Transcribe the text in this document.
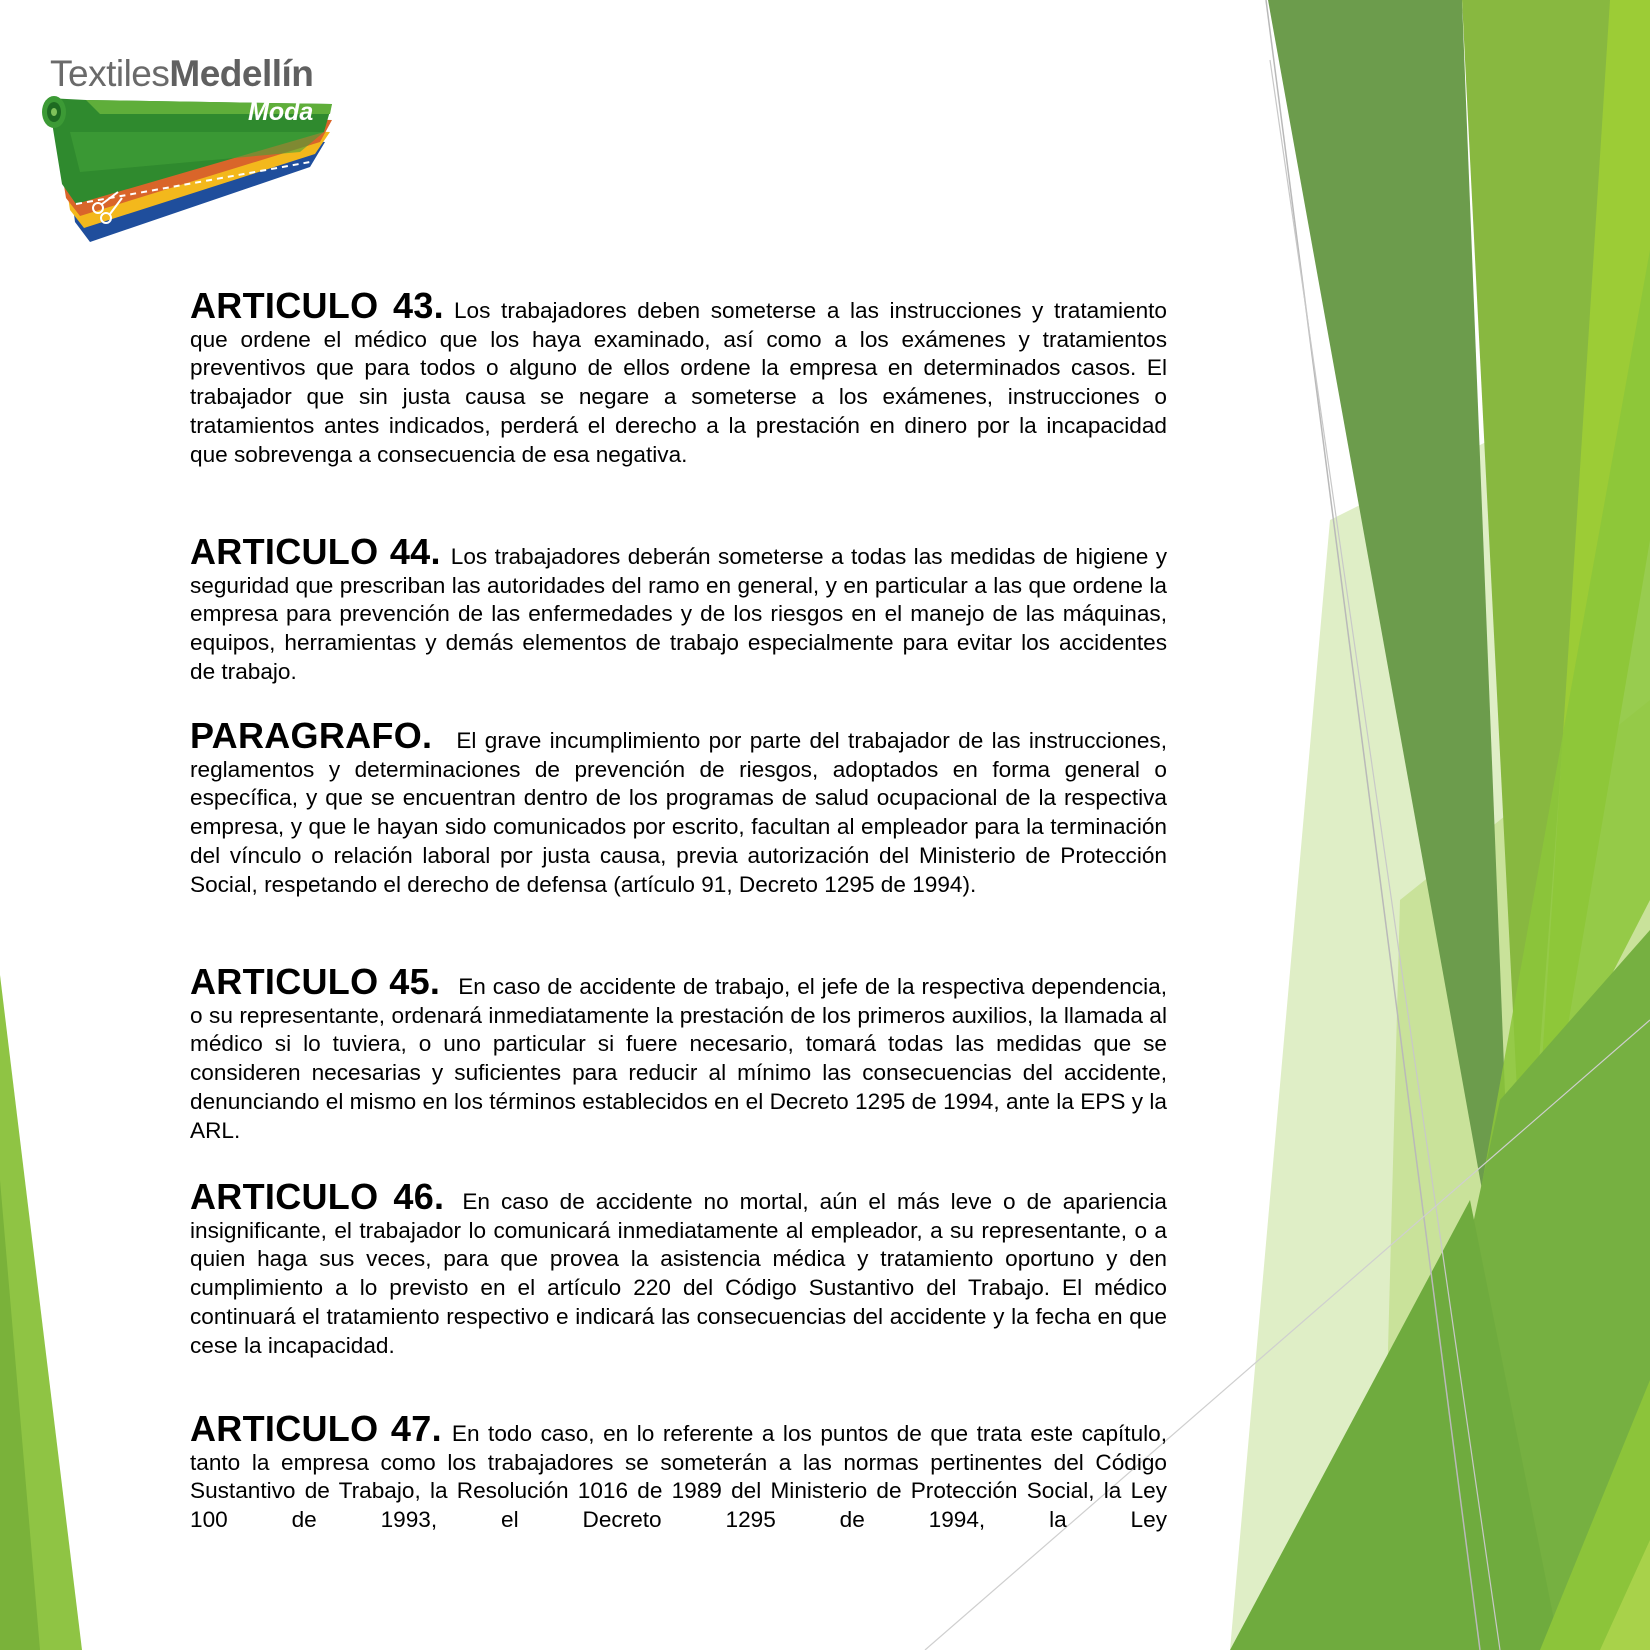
TextilesMedellín
Moda

ARTICULO 43. Los trabajadores deben someterse a las instrucciones y tratamiento que ordene el médico que los haya examinado, así como a los exámenes y tratamientos preventivos que para todos o alguno de ellos ordene la empresa en determinados casos. El trabajador que sin justa causa se negare a someterse a los exámenes, instrucciones o tratamientos antes indicados, perderá el derecho a la prestación en dinero por la incapacidad que sobrevenga a consecuencia de esa negativa.

ARTICULO 44. Los trabajadores deberán someterse a todas las medidas de higiene y seguridad que prescriban las autoridades del ramo en general, y en particular a las que ordene la empresa para prevención de las enfermedades y de los riesgos en el manejo de las máquinas, equipos, herramientas y demás elementos de trabajo especialmente para evitar los accidentes de trabajo.

PARAGRAFO. El grave incumplimiento por parte del trabajador de las instrucciones, reglamentos y determinaciones de prevención de riesgos, adoptados en forma general o específica, y que se encuentran dentro de los programas de salud ocupacional de la respectiva empresa, y que le hayan sido comunicados por escrito, facultan al empleador para la terminación del vínculo o relación laboral por justa causa, previa autorización del Ministerio de Protección Social, respetando el derecho de defensa (artículo 91, Decreto 1295 de 1994).

ARTICULO 45. En caso de accidente de trabajo, el jefe de la respectiva dependencia, o su representante, ordenará inmediatamente la prestación de los primeros auxilios, la llamada al médico si lo tuviera, o uno particular si fuere necesario, tomará todas las medidas que se consideren necesarias y suficientes para reducir al mínimo las consecuencias del accidente, denunciando el mismo en los términos establecidos en el Decreto 1295 de 1994, ante la EPS y la ARL.

ARTICULO 46. En caso de accidente no mortal, aún el más leve o de apariencia insignificante, el trabajador lo comunicará inmediatamente al empleador, a su representante, o a quien haga sus veces, para que provea la asistencia médica y tratamiento oportuno y den cumplimiento a lo previsto en el artículo 220 del Código Sustantivo del Trabajo. El médico continuará el tratamiento respectivo e indicará las consecuencias del accidente y la fecha en que cese la incapacidad.

ARTICULO 47. En todo caso, en lo referente a los puntos de que trata este capítulo, tanto la empresa como los trabajadores se someterán a las normas pertinentes del Código Sustantivo de Trabajo, la Resolución 1016 de 1989 del Ministerio de Protección Social, la Ley 100 de 1993, el Decreto 1295 de 1994, la Ley
